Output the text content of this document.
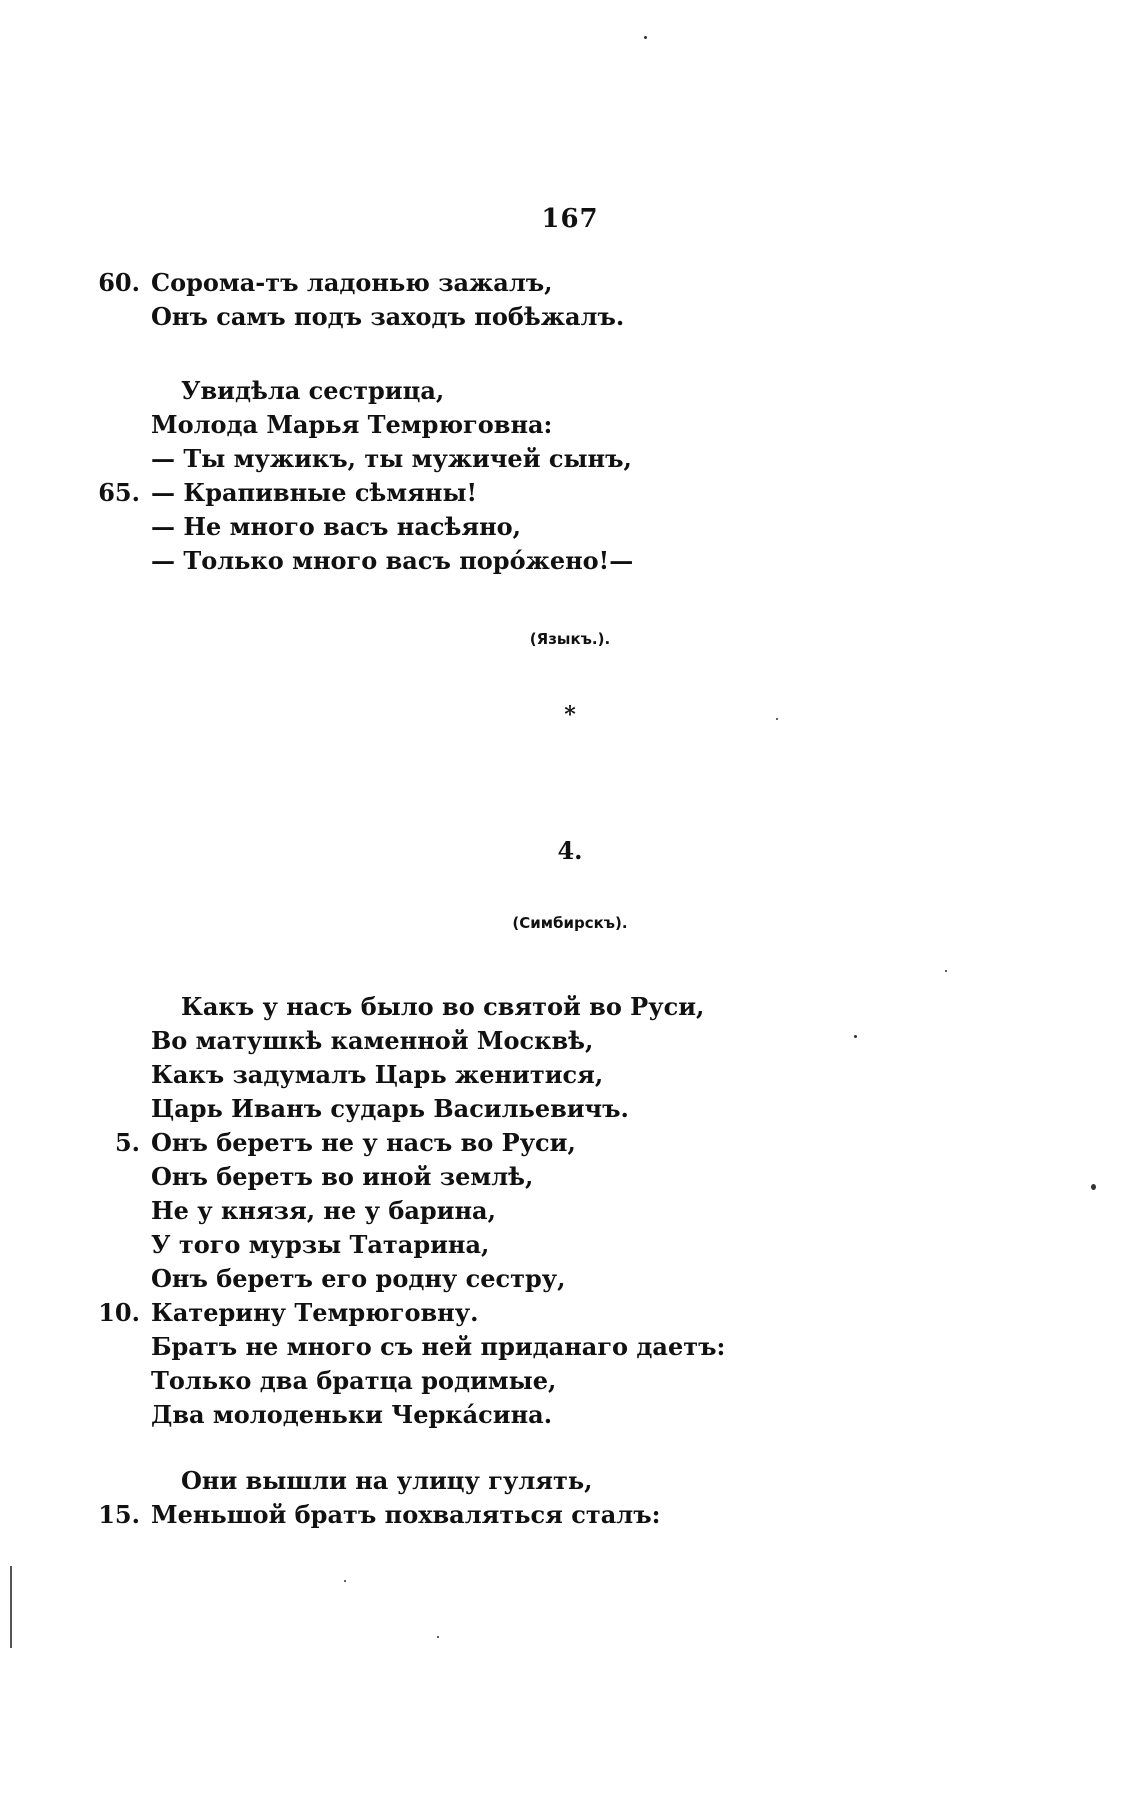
167
60. Сорома-тъ ладонью зажалъ,
Онъ самъ подъ заходъ побѣжалъ.
Увидѣла сестрица,
Молода Марья Темрюговна:
— Ты мужикъ, ты мужичей сынъ,
65. — Крапивные сѣмяны!
— Не много васъ насѣяно,
— Только много васъ поро́жено!—
(Языкъ.).
*
4.
(Симбирскъ).
Какъ у насъ было во святой во Руси,
Во матушкѣ каменной Москвѣ,
Какъ задумалъ Царь женитися,
Царь Иванъ сударь Васильевичъ.
5. Онъ беретъ не у насъ во Руси,
Онъ беретъ во иной землѣ,
Не у князя, не у барина,
У того мурзы Татарина,
Онъ беретъ его родну сестру,
10. Катерину Темрюговну.
Братъ не много съ ней приданаго даетъ:
Только два братца родимые,
Два молоденьки Черка́сина.
Они вышли на улицу гулять,
15. Меньшой братъ похваляться сталъ:
